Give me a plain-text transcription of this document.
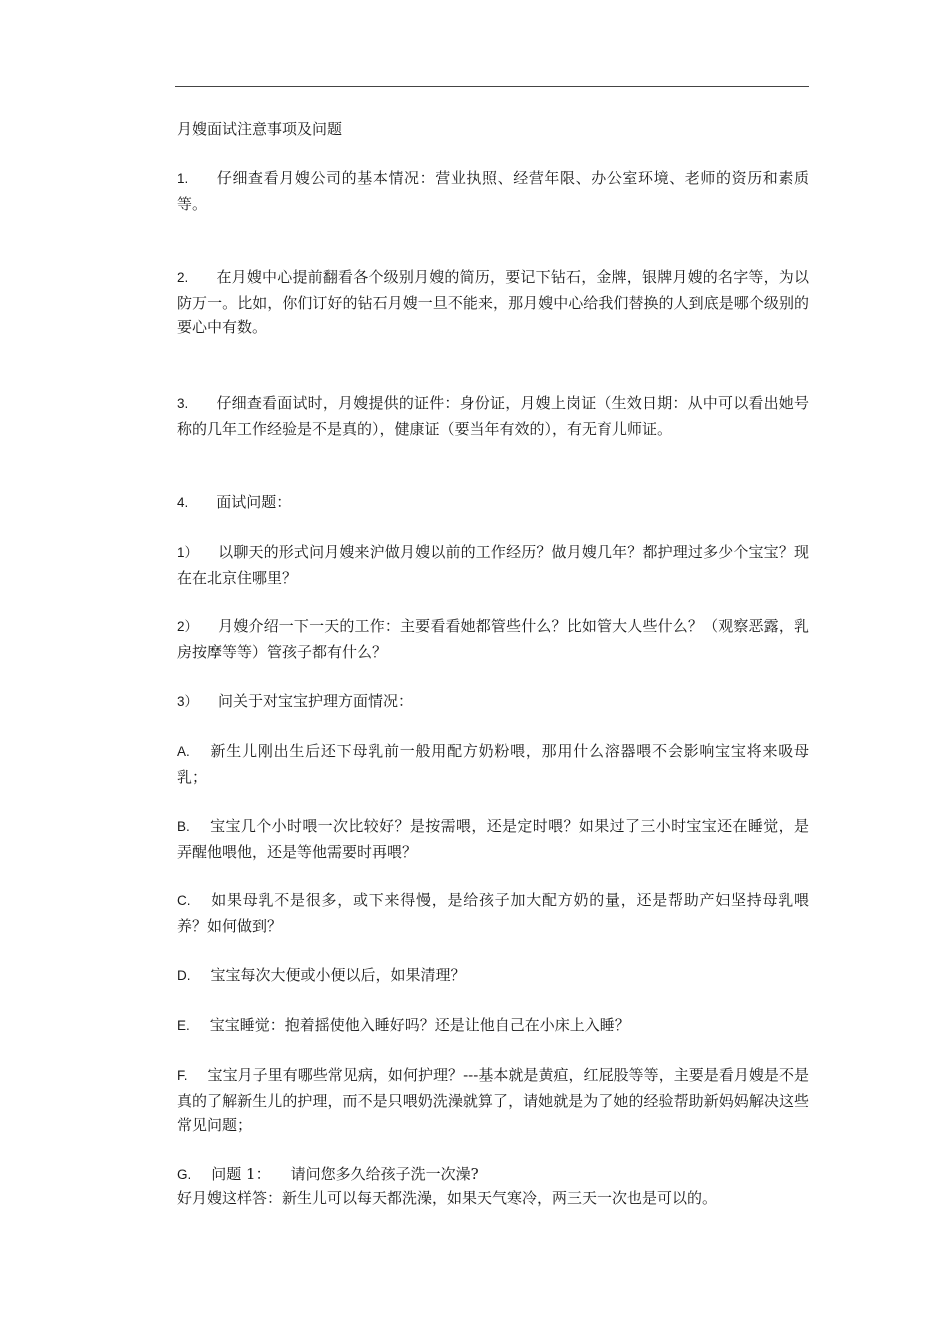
月嫂面试注意事项及问题

1. 仔细查看月嫂公司的基本情况：营业执照、经营年限、办公室环境、老师的资历和素质等。

2. 在月嫂中心提前翻看各个级别月嫂的简历，要记下钻石，金牌，银牌月嫂的名字等，为以防万一。比如，你们订好的钻石月嫂一旦不能来，那月嫂中心给我们替换的人到底是哪个级别的要心中有数。

3. 仔细查看面试时，月嫂提供的证件：身份证，月嫂上岗证（生效日期：从中可以看出她号称的几年工作经验是不是真的），健康证（要当年有效的），有无育儿师证。

4. 面试问题：

1） 以聊天的形式问月嫂来沪做月嫂以前的工作经历？做月嫂几年？都护理过多少个宝宝？现在在北京住哪里？

2） 月嫂介绍一下一天的工作：主要看看她都管些什么？比如管大人些什么？（观察恶露，乳房按摩等等）管孩子都有什么？

3） 问关于对宝宝护理方面情况：

A. 新生儿刚出生后还下母乳前一般用配方奶粉喂，那用什么溶器喂不会影响宝宝将来吸母乳；

B. 宝宝几个小时喂一次比较好？是按需喂，还是定时喂？如果过了三小时宝宝还在睡觉，是弄醒他喂他，还是等他需要时再喂？

C. 如果母乳不是很多，或下来得慢，是给孩子加大配方奶的量，还是帮助产妇坚持母乳喂养？如何做到？

D. 宝宝每次大便或小便以后，如果清理？

E. 宝宝睡觉：抱着摇使他入睡好吗？还是让他自己在小床上入睡？

F. 宝宝月子里有哪些常见病，如何护理？---基本就是黄疸，红屁股等等，主要是看月嫂是不是真的了解新生儿的护理，而不是只喂奶洗澡就算了，请她就是为了她的经验帮助新妈妈解决这些常见问题；

G. 问题 1： 请问您多久给孩子洗一次澡?

好月嫂这样答：新生儿可以每天都洗澡，如果天气寒冷，两三天一次也是可以的。
